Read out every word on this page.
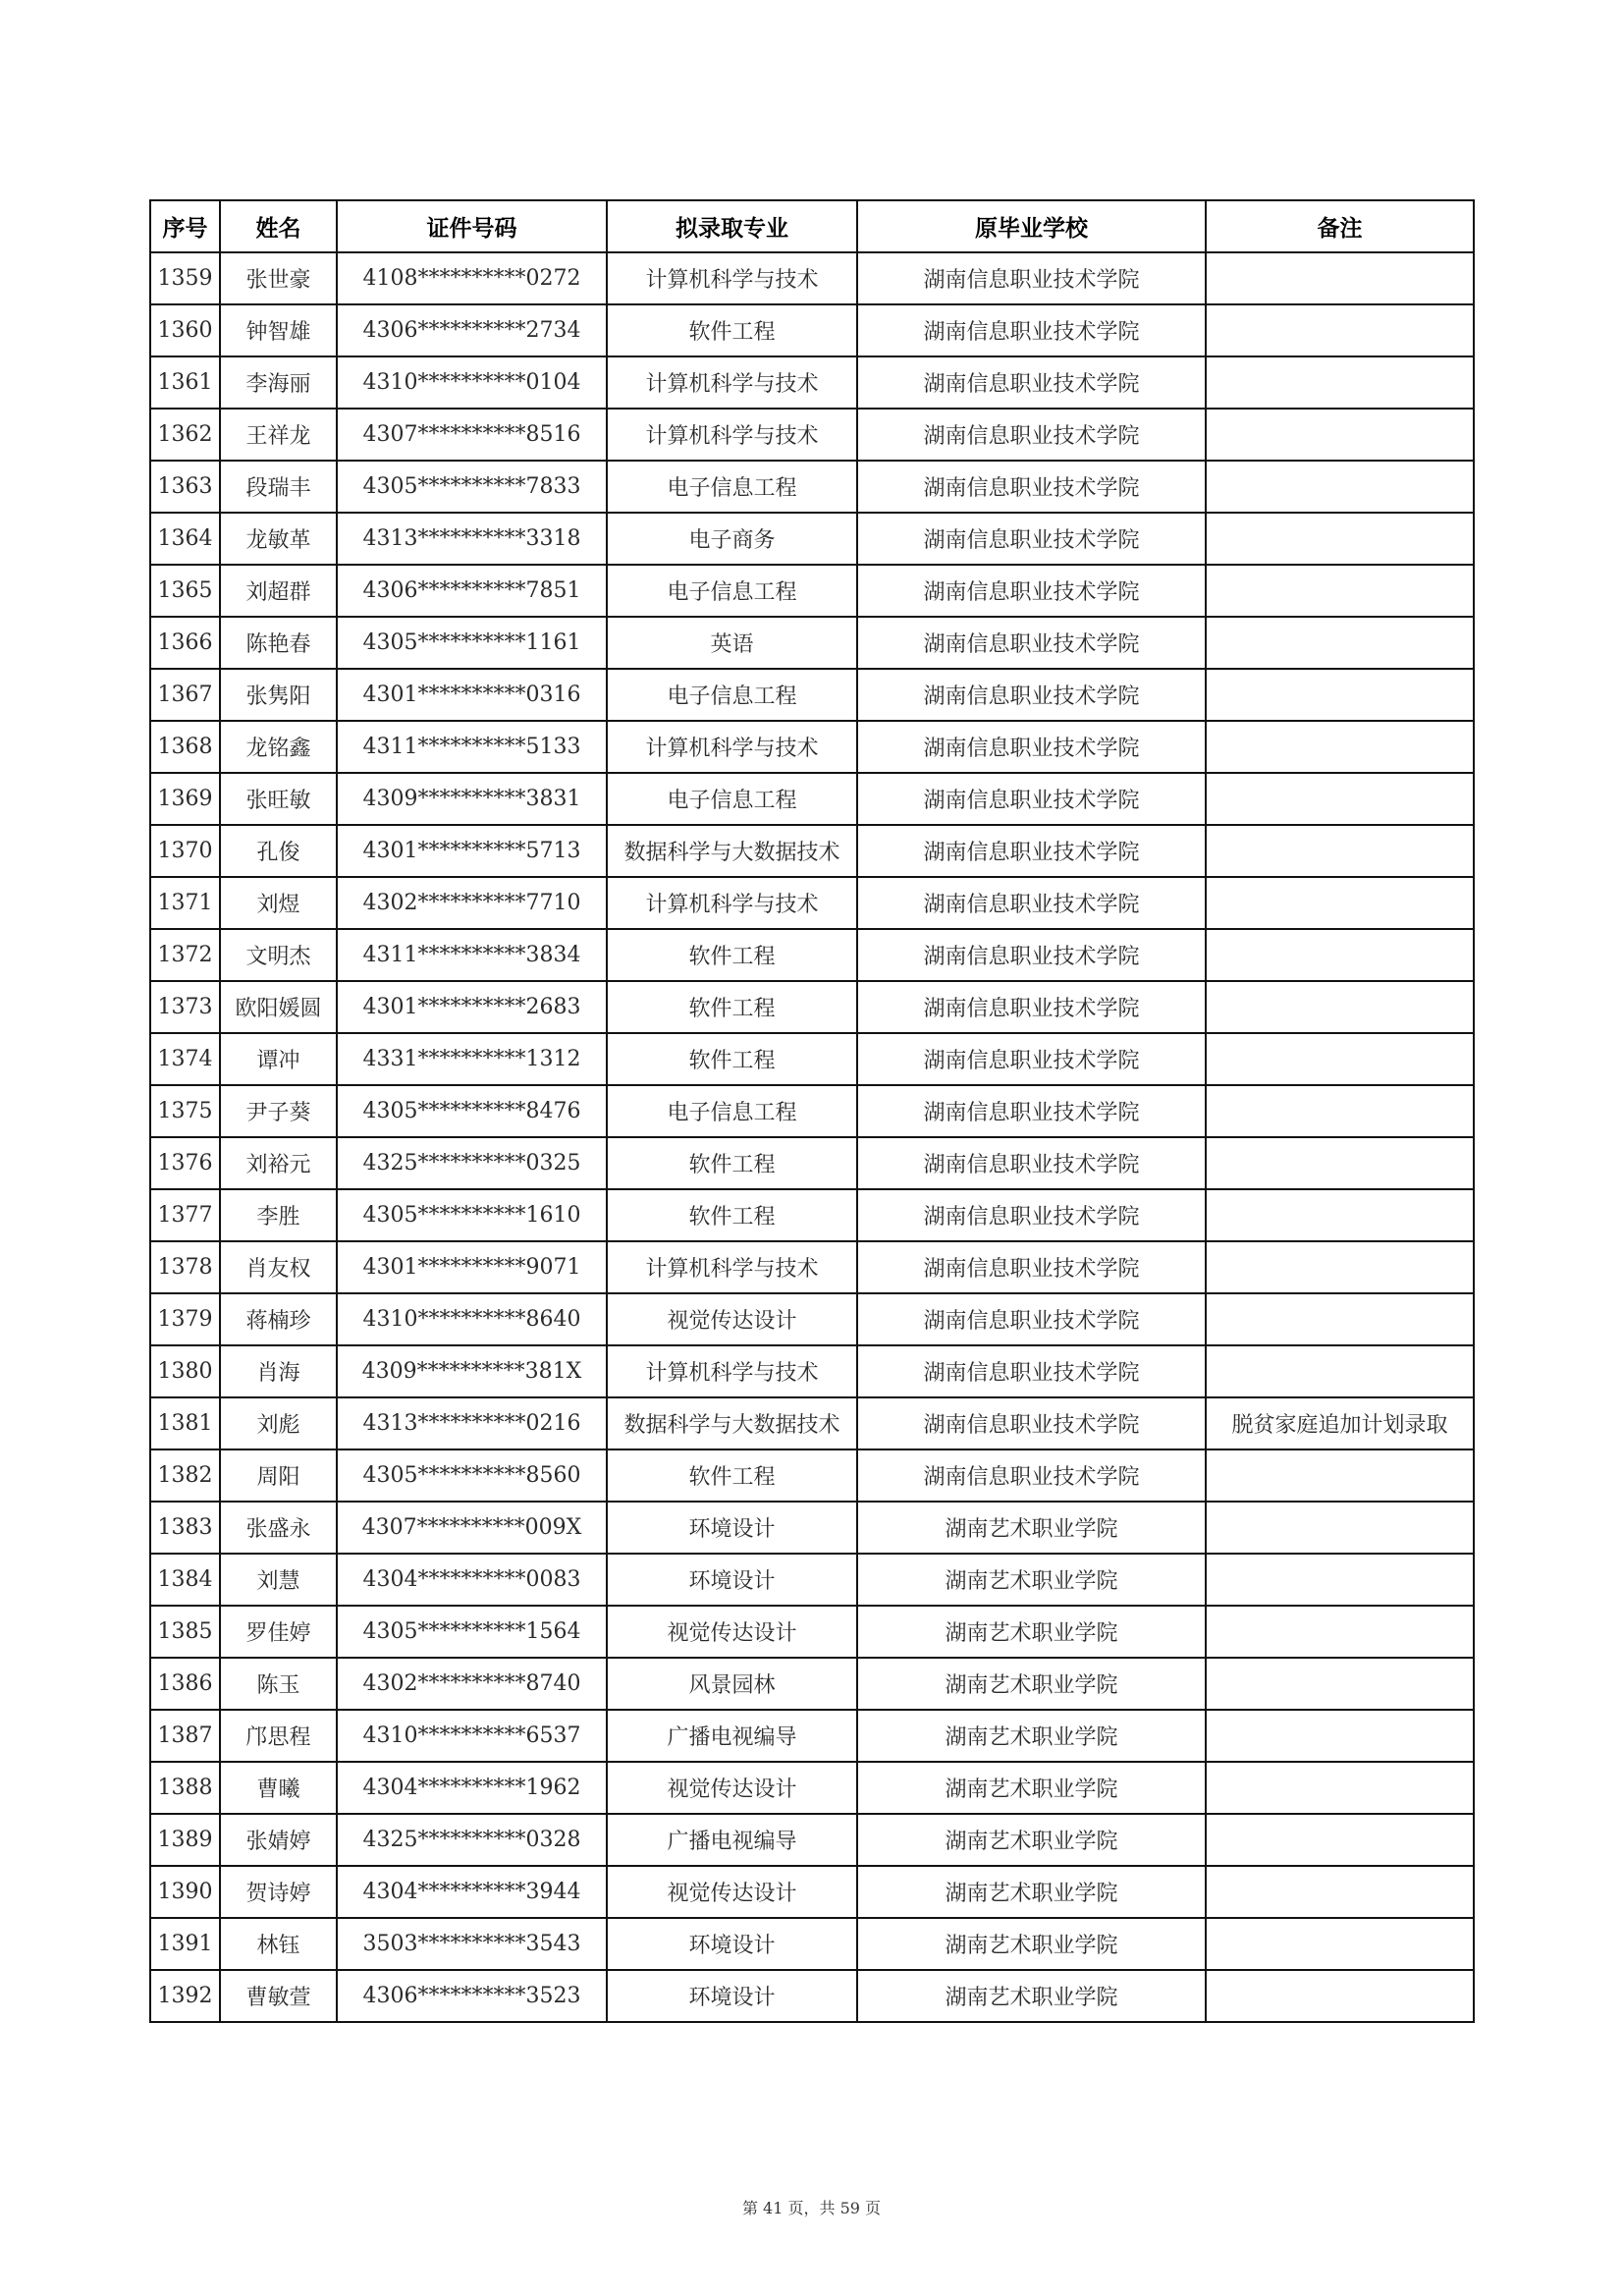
序号	姓名	证件号码	拟录取专业	原毕业学校	备注
1359	张世豪	4108**********0272	计算机科学与技术	湖南信息职业技术学院	
1360	钟智雄	4306**********2734	软件工程	湖南信息职业技术学院	
1361	李海丽	4310**********0104	计算机科学与技术	湖南信息职业技术学院	
1362	王祥龙	4307**********8516	计算机科学与技术	湖南信息职业技术学院	
1363	段瑞丰	4305**********7833	电子信息工程	湖南信息职业技术学院	
1364	龙敏革	4313**********3318	电子商务	湖南信息职业技术学院	
1365	刘超群	4306**********7851	电子信息工程	湖南信息职业技术学院	
1366	陈艳春	4305**********1161	英语	湖南信息职业技术学院	
1367	张隽阳	4301**********0316	电子信息工程	湖南信息职业技术学院	
1368	龙铭鑫	4311**********5133	计算机科学与技术	湖南信息职业技术学院	
1369	张旺敏	4309**********3831	电子信息工程	湖南信息职业技术学院	
1370	孔俊	4301**********5713	数据科学与大数据技术	湖南信息职业技术学院	
1371	刘煜	4302**********7710	计算机科学与技术	湖南信息职业技术学院	
1372	文明杰	4311**********3834	软件工程	湖南信息职业技术学院	
1373	欧阳媛圆	4301**********2683	软件工程	湖南信息职业技术学院	
1374	谭冲	4331**********1312	软件工程	湖南信息职业技术学院	
1375	尹子葵	4305**********8476	电子信息工程	湖南信息职业技术学院	
1376	刘裕元	4325**********0325	软件工程	湖南信息职业技术学院	
1377	李胜	4305**********1610	软件工程	湖南信息职业技术学院	
1378	肖友权	4301**********9071	计算机科学与技术	湖南信息职业技术学院	
1379	蒋楠珍	4310**********8640	视觉传达设计	湖南信息职业技术学院	
1380	肖海	4309**********381X	计算机科学与技术	湖南信息职业技术学院	
1381	刘彪	4313**********0216	数据科学与大数据技术	湖南信息职业技术学院	脱贫家庭追加计划录取
1382	周阳	4305**********8560	软件工程	湖南信息职业技术学院	
1383	张盛永	4307**********009X	环境设计	湖南艺术职业学院	
1384	刘慧	4304**********0083	环境设计	湖南艺术职业学院	
1385	罗佳婷	4305**********1564	视觉传达设计	湖南艺术职业学院	
1386	陈玉	4302**********8740	风景园林	湖南艺术职业学院	
1387	邝思程	4310**********6537	广播电视编导	湖南艺术职业学院	
1388	曹曦	4304**********1962	视觉传达设计	湖南艺术职业学院	
1389	张婧婷	4325**********0328	广播电视编导	湖南艺术职业学院	
1390	贺诗婷	4304**********3944	视觉传达设计	湖南艺术职业学院	
1391	林钰	3503**********3543	环境设计	湖南艺术职业学院	
1392	曹敏萱	4306**********3523	环境设计	湖南艺术职业学院	
第 41 页，共 59 页
